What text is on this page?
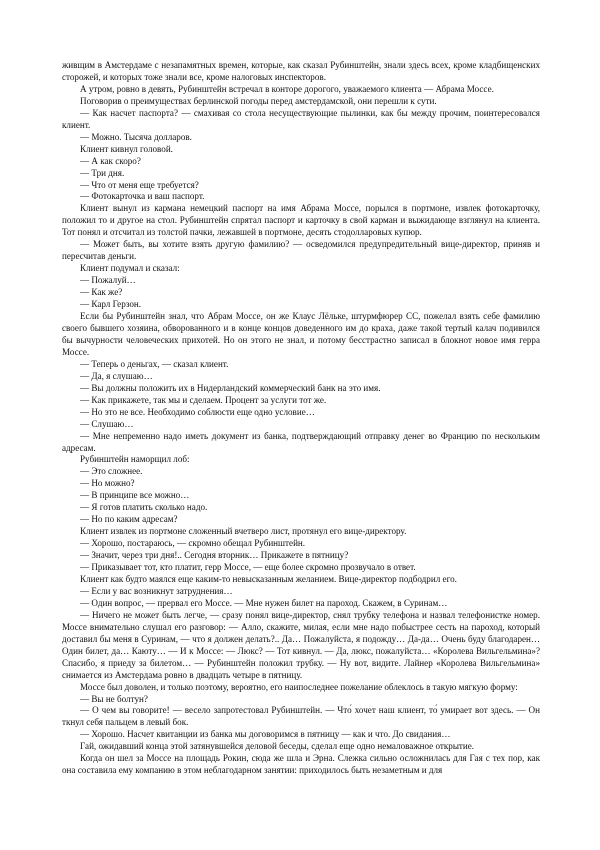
живщим в Амстердаме с незапамятных времен, которые, как сказал Рубинштейн, знали здесь всех, кроме кладбищенских сторожей, и которых тоже знали все, кроме налоговых инспекторов.

А утром, ровно в девять, Рубинштейн встречал в конторе дорогого, уважаемого клиента — Абрама Моссе.

Поговорив о преимуществах берлинской погоды перед амстердамской, они перешли к сути.

— Как насчет паспорта? — смахивая со стола несуществующие пылинки, как бы между прочим, поинтересовался клиент.

— Можно. Тысяча долларов.

Клиент кивнул головой.

— А как скоро?

— Три дня.

— Что от меня еще требуется?

— Фотокарточка и ваш паспорт.

Клиент вынул из кармана немецкий паспорт на имя Абрама Моссе, порылся в портмоне, извлек фотокарточку, положил то и другое на стол. Рубинштейн спрятал паспорт и карточку в свой карман и выжидающе взглянул на клиента. Тот понял и отсчитал из толстой пачки, лежавшей в портмоне, десять стодолларовых купюр.

— Может быть, вы хотите взять другую фамилию? — осведомился предупредительный вице-директор, приняв и пересчитав деньги.

Клиент подумал и сказал:

— Пожалуй…

— Как же?

— Карл Герзон.

Если бы Рубинштейн знал, что Абрам Моссе, он же Клаус Лёльке, штурмфюрер СС, пожелал взять себе фамилию своего бывшего хозяина, обворованного и в конце концов доведенного им до краха, даже такой тертый калач подивился бы вычурности человеческих прихотей. Но он этого не знал, и потому бесстрастно записал в блокнот новое имя герра Моссе.

— Теперь о деньгах, — сказал клиент.

— Да, я слушаю…

— Вы должны положить их в Нидерландский коммерческий банк на это имя.

— Как прикажете, так мы и сделаем. Процент за услуги тот же.

— Но это не все. Необходимо соблюсти еще одно условие…

— Слушаю…

— Мне непременно надо иметь документ из банка, подтверждающий отправку денег во Францию по нескольким адресам.

Рубинштейн наморщил лоб:

— Это сложнее.

— Но можно?

— В принципе все можно…

— Я готов платить сколько надо.

— Но по каким адресам?

Клиент извлек из портмоне сложенный вчетверо лист, протянул его вице-директору.

— Хорошо, постараюсь, — скромно обещал Рубинштейн.

— Значит, через три дня!.. Сегодня вторник… Прикажете в пятницу?

— Приказывает тот, кто платит, герр Моссе, — еще более скромно прозвучало в ответ.

Клиент как будто маялся еще каким-то невысказанным желанием. Вице-директор подбодрил его.

— Если у вас возникнут затруднения…

— Один вопрос, — прервал его Моссе. — Мне нужен билет на пароход. Скажем, в Суринам…

— Ничего не может быть легче, — сразу понял вице-директор, снял трубку телефона и назвал телефонистке номер. Моссе внимательно слушал его разговор: — Алло, скажите, милая, если мне надо побыстрее сесть на пароход, который доставил бы меня в Суринам, — что я должен делать?.. Да… Пожалуйста, я подожду… Да-да… Очень буду благодарен… Один билет, да… Каюту… — И к Моссе: — Люкс? — Тот кивнул. — Да, люкс, пожалуйста… «Королева Вильгельмина»? Спасибо, я приеду за билетом… — Рубинштейн положил трубку. — Ну вот, видите. Лайнер «Королева Вильгельмина» снимается из Амстердама ровно в двадцать четыре в пятницу.

Моссе был доволен, и только поэтому, вероятно, его наипоследнее пожелание облеклось в такую мягкую форму:

— Вы не болтун?

— О чем вы говорите! — весело запротестовал Рубинштейн. — Что́ хочет наш клиент, то́ умирает вот здесь. — Он ткнул себя пальцем в левый бок.

— Хорошо. Насчет квитанции из банка мы договоримся в пятницу — как и что. До свидания…

Гай, ожидавший конца этой затянувшейся деловой беседы, сделал еще одно немаловажное открытие.

Когда он шел за Моссе на площадь Рокин, сюда же шла и Эрна. Слежка сильно осложнилась для Гая с тех пор, как она составила ему компанию в этом неблагодарном занятии: приходилось быть незаметным и для
